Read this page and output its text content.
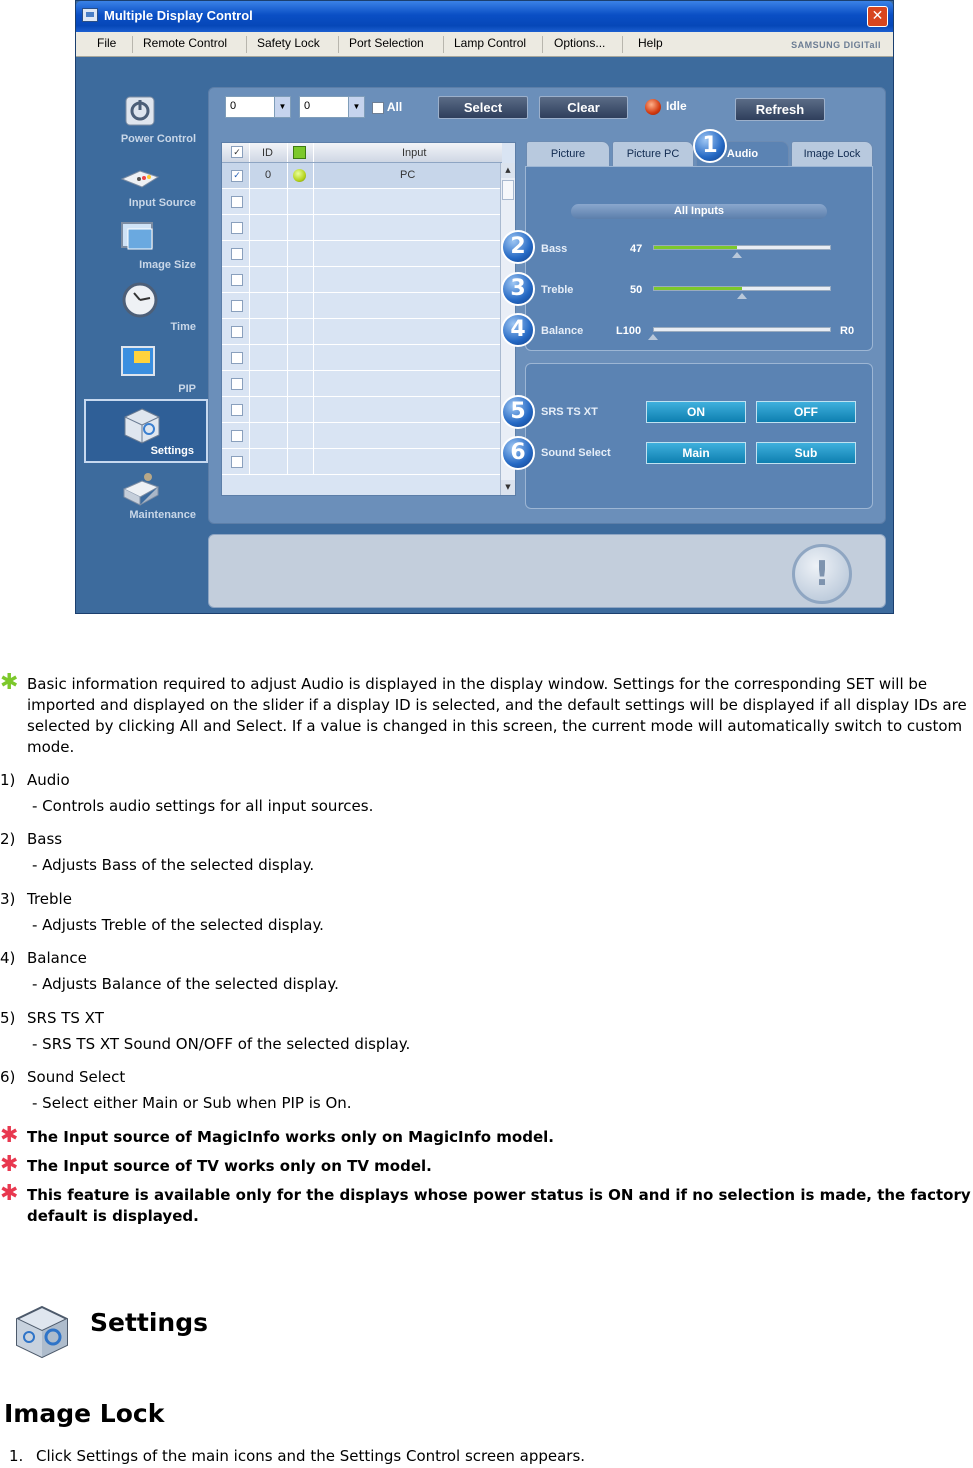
Multiple Display Control	✕
File Remote Control Safety Lock Port Selection	Lamp Control Options...	Help	SAMSUNG DIGITall
Power Control
Input Source
Image Size
Time
PIP
Settings
Maintenance
0	▼	0	▼	All	Select	Clear	Idle	Refresh
✓ ID	Input
✓ 0	PC	▲
▼
Picture	Picture PC	Audio	Image Lock
All Inputs
Bass	47
Treble	50
Balance	L100	R0
SRS TS XT	ON	OFF
Sound Select	Main	Sub
1
2
3
4
5
6
!
✱ Basic information required to adjust Audio is displayed in the display window. Settings for the corresponding SET will be imported and displayed on the slider if a display ID is selected, and the default settings will be displayed if all display IDs are selected by clicking All and Select. If a value is changed in this screen, the current mode will automatically switch to custom mode.
1) Audio
- Controls audio settings for all input sources.
2) Bass
- Adjusts Bass of the selected display.
3) Treble
- Adjusts Treble of the selected display.
4) Balance
- Adjusts Balance of the selected display.
5) SRS TS XT
- SRS TS XT Sound ON/OFF of the selected display.
6) Sound Select
- Select either Main or Sub when PIP is On.
✱ The Input source of MagicInfo works only on MagicInfo model.
✱ The Input source of TV works only on TV model.
✱ This feature is available only for the displays whose power status is ON and if no selection is made, the factory default is displayed.
Settings
Image Lock
1. Click Settings of the main icons and the Settings Control screen appears.
